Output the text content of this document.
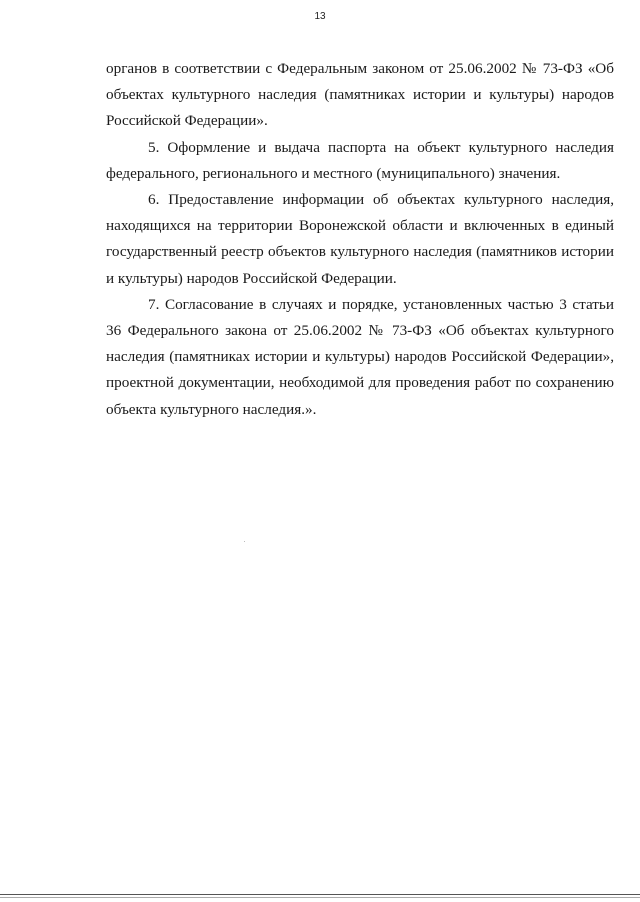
13

органов в соответствии с Федеральным законом от 25.06.2002 № 73-ФЗ «Об объектах культурного наследия (памятниках истории и культуры) народов Российской Федерации».

5. Оформление и выдача паспорта на объект культурного наследия федерального, регионального и местного (муниципального) значения.

6. Предоставление информации об объектах культурного наследия, находящихся на территории Воронежской области и включенных в единый государственный реестр объектов культурного наследия (памятников истории и культуры) народов Российской Федерации.

7. Согласование в случаях и порядке, установленных частью 3 статьи 36 Федерального закона от 25.06.2002 № 73-ФЗ «Об объектах культурного наследия (памятниках истории и культуры) народов Российской Федерации», проектной документации, необходимой для проведения работ по сохранению объекта культурного наследия.».
